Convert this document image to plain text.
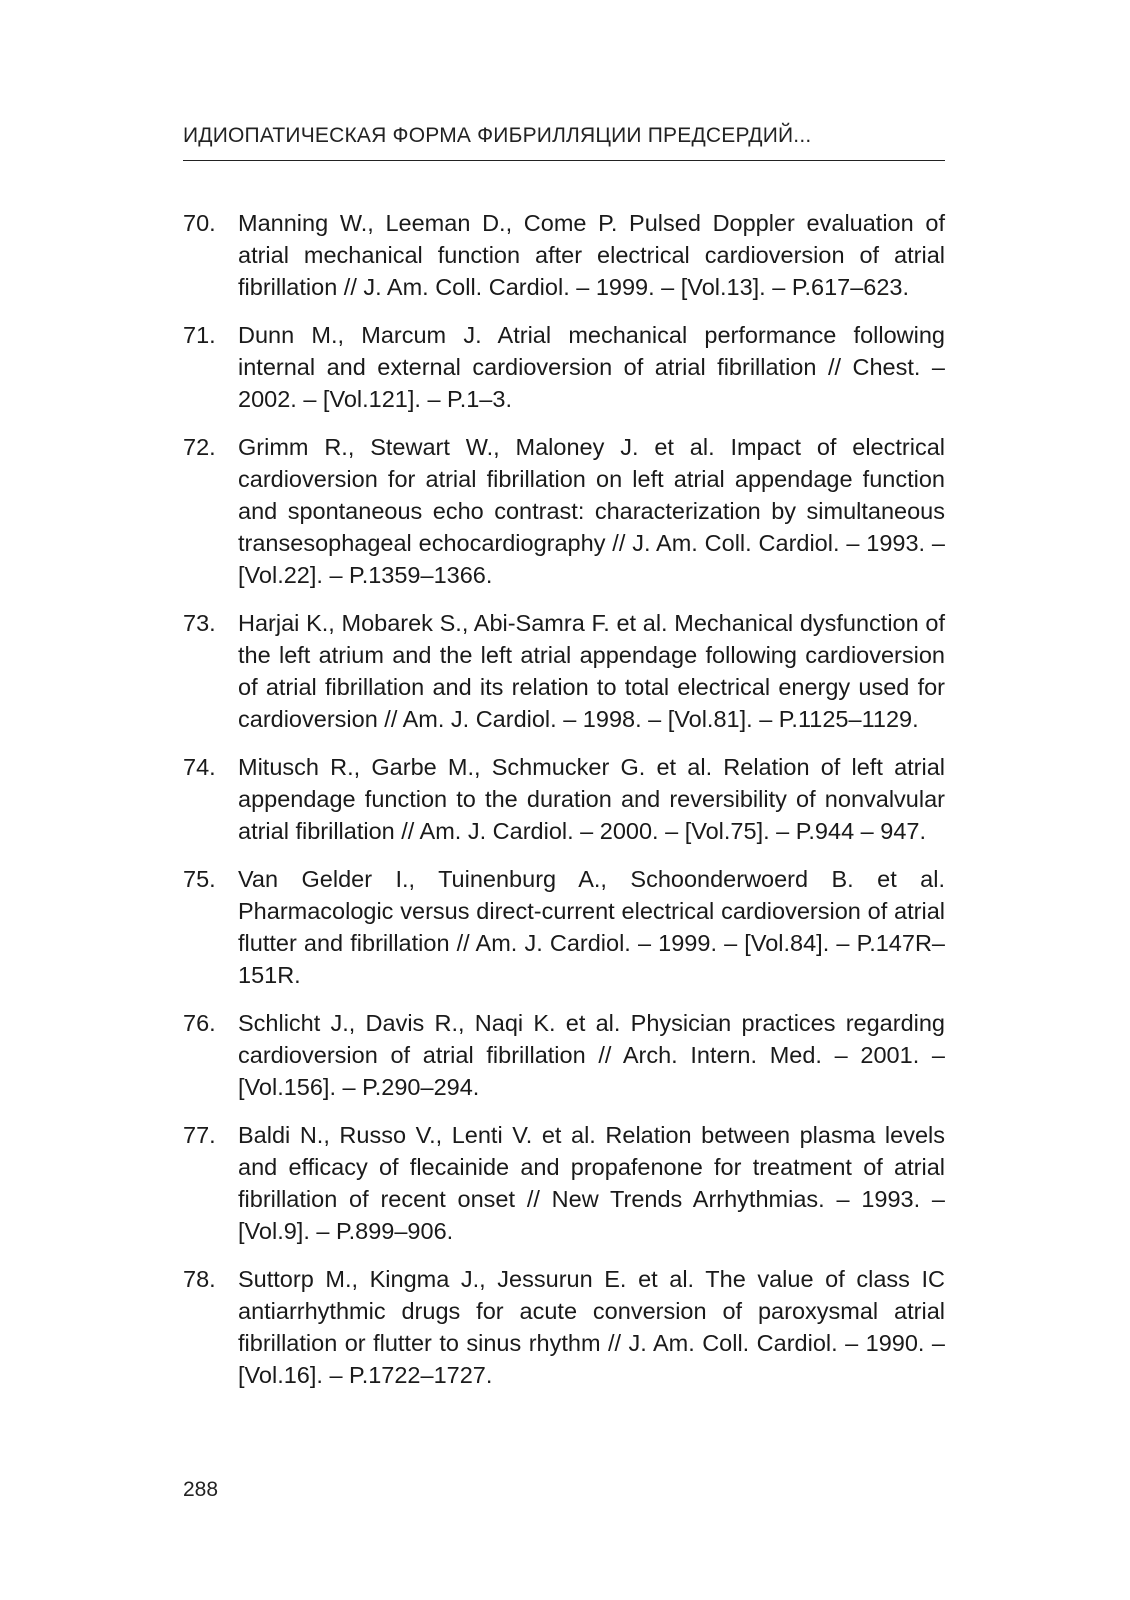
ИДИОПАТИЧЕСКАЯ ФОРМА ФИБРИЛЛЯЦИИ ПРЕДСЕРДИЙ...
70. Manning W., Leeman D., Come P. Pulsed Doppler evaluation of atrial mechanical function after electrical cardioversion of atrial fibrillation // J. Am. Coll. Cardiol. – 1999. – [Vol.13]. – P.617–623.
71. Dunn M., Marcum J. Atrial mechanical performance following internal and external cardioversion of atrial fibrillation // Chest. – 2002. – [Vol.121]. – P.1–3.
72. Grimm R., Stewart W., Maloney J. et al. Impact of electrical cardioversion for atrial fibrillation on left atrial appendage function and spontaneous echo contrast: characterization by simultaneous transesophageal echocardiography // J. Am. Coll. Cardiol. – 1993. – [Vol.22]. – P.1359–1366.
73. Harjai K., Mobarek S., Abi-Samra F. et al. Mechanical dysfunction of the left atrium and the left atrial appendage following cardioversion of atrial fibrillation and its relation to total electrical energy used for cardioversion // Am. J. Cardiol. – 1998. – [Vol.81]. – P.1125–1129.
74. Mitusch R., Garbe M., Schmucker G. et al. Relation of left atrial appendage function to the duration and reversibility of nonvalvular atrial fibrillation // Am. J. Cardiol. – 2000. – [Vol.75]. – P.944 – 947.
75. Van Gelder I., Tuinenburg A., Schoonderwoerd B. et al. Pharmacologic versus direct-current electrical cardioversion of atrial flutter and fibrillation // Am. J. Cardiol. – 1999. – [Vol.84]. – P.147R–151R.
76. Schlicht J., Davis R., Naqi K. et al. Physician practices regarding cardioversion of atrial fibrillation // Arch. Intern. Med. – 2001. – [Vol.156]. – P.290–294.
77. Baldi N., Russo V., Lenti V. et al. Relation between plasma levels and efficacy of flecainide and propafenone for treatment of atrial fibrillation of recent onset // New Trends Arrhythmias. – 1993. – [Vol.9]. – P.899–906.
78. Suttorp M., Kingma J., Jessurun E. et al. The value of class IC antiarrhythmic drugs for acute conversion of paroxysmal atrial fibrillation or flutter to sinus rhythm // J. Am. Coll. Cardiol. – 1990. – [Vol.16]. – P.1722–1727.
288
